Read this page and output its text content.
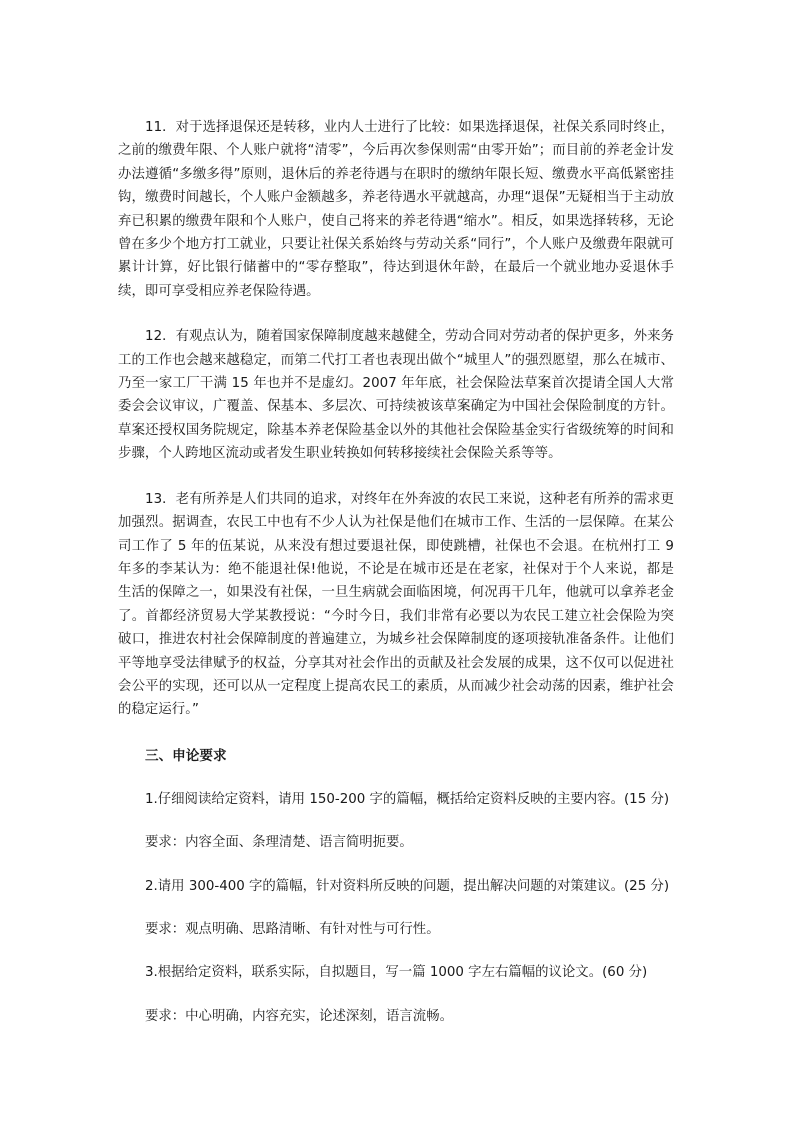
11．对于选择退保还是转移，业内人士进行了比较：如果选择退保，社保关系同时终止，之前的缴费年限、个人账户就将“清零”，今后再次参保则需“由零开始”；而目前的养老金计发办法遵循“多缴多得”原则，退休后的养老待遇与在职时的缴纳年限长短、缴费水平高低紧密挂钩，缴费时间越长，个人账户金额越多，养老待遇水平就越高，办理“退保”无疑相当于主动放弃已积累的缴费年限和个人账户，使自己将来的养老待遇“缩水”。相反，如果选择转移，无论曾在多少个地方打工就业，只要让社保关系始终与劳动关系“同行”，个人账户及缴费年限就可累计计算，好比银行储蓄中的“零存整取”，待达到退休年龄，在最后一个就业地办妥退休手续，即可享受相应养老保险待遇。

12．有观点认为，随着国家保障制度越来越健全，劳动合同对劳动者的保护更多，外来务工的工作也会越来越稳定，而第二代打工者也表现出做个“城里人”的强烈愿望，那么在城市、乃至一家工厂干满 15 年也并不是虚幻。2007 年年底，社会保险法草案首次提请全国人大常委会会议审议，广覆盖、保基本、多层次、可持续被该草案确定为中国社会保险制度的方针。草案还授权国务院规定，除基本养老保险基金以外的其他社会保险基金实行省级统筹的时间和步骤，个人跨地区流动或者发生职业转换如何转移接续社会保险关系等等。

13．老有所养是人们共同的追求，对终年在外奔波的农民工来说，这种老有所养的需求更加强烈。据调查，农民工中也有不少人认为社保是他们在城市工作、生活的一层保障。在某公司工作了 5 年的伍某说，从来没有想过要退社保，即使跳槽，社保也不会退。在杭州打工 9 年多的李某认为：绝不能退社保!他说，不论是在城市还是在老家，社保对于个人来说，都是生活的保障之一，如果没有社保，一旦生病就会面临困境，何况再干几年，他就可以拿养老金了。首都经济贸易大学某教授说：“今时今日，我们非常有必要以为农民工建立社会保险为突破口，推进农村社会保障制度的普遍建立，为城乡社会保障制度的逐项接轨准备条件。让他们平等地享受法律赋予的权益，分享其对社会作出的贡献及社会发展的成果，这不仅可以促进社会公平的实现，还可以从一定程度上提高农民工的素质，从而减少社会动荡的因素，维护社会的稳定运行。”

三、申论要求

1.仔细阅读给定资料，请用 150-200 字的篇幅，概括给定资料反映的主要内容。(15 分)

要求：内容全面、条理清楚、语言简明扼要。

2.请用 300-400 字的篇幅，针对资料所反映的问题，提出解决问题的对策建议。(25 分)

要求：观点明确、思路清晰、有针对性与可行性。

3.根据给定资料，联系实际，自拟题目，写一篇 1000 字左右篇幅的议论文。(60 分)

要求：中心明确，内容充实，论述深刻，语言流畅。
